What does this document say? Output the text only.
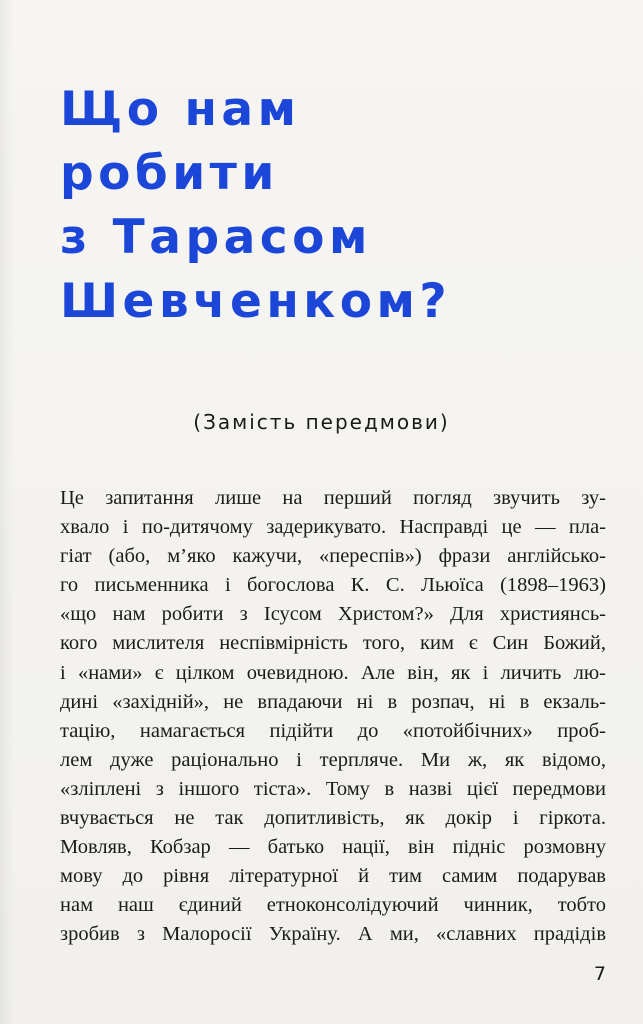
Що нам
робити
з Тарасом
Шевченком?
(Замість передмови)

Це запитання лише на перший погляд звучить зу-
хвало і по-дитячому задерикувато. Насправді це — пла-
гіат (або, м’яко кажучи, «переспів») фрази англійсько-
го письменника і богослова К. С. Льюїса (1898–1963)
«що нам робити з Ісусом Христом?» Для християнсь-
кого мислителя неспівмірність того, ким є Син Божий,
і «нами» є цілком очевидною. Але він, як і личить лю-
дині «західній», не впадаючи ні в розпач, ні в екзаль-
тацію, намагається підійти до «потойбічних» проб-
лем дуже раціонально і терпляче. Ми ж, як відомо,
«зліплені з іншого тіста». Тому в назві цієї передмови
вчувається не так допитливість, як докір і гіркота.
Мовляв, Кобзар — батько нації, він підніс розмовну
мову до рівня літературної й тим самим подарував
нам наш єдиний етноконсолідуючий чинник, тобто
зробив з Малоросії Україну. А ми, «славних прадідів

7
